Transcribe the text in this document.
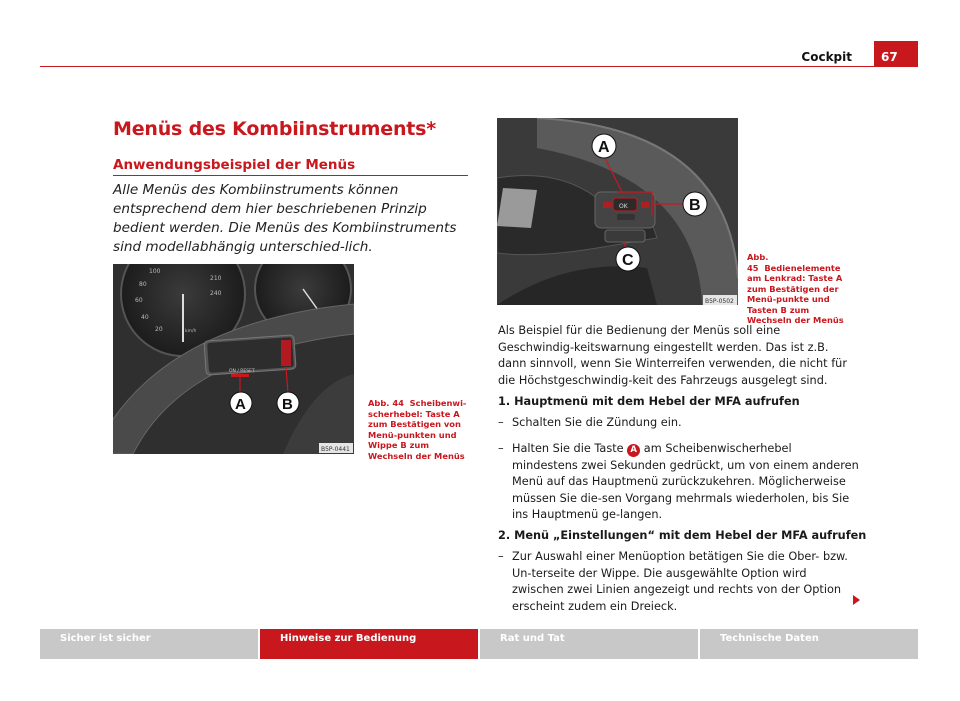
Cockpit	67
Menüs des Kombiinstruments*
Anwendungsbeispiel der Menüs
Alle Menüs des Kombiinstruments können entsprechend dem hier beschriebenen Prinzip bedient werden. Die Menüs des Kombiinstruments sind modellabhängig unterschied-lich.
100
80
60
40
20
210
240
km/h
ON / RESET
A B
B5P-0441
Abb. 44 Scheibenwi-scherhebel: Taste A zum Bestätigen von Menü-punkten und Wippe B zum Wechseln der Menüs
OK
A
B
C
B5P-0502
Abb. 45 Bedienelemente am Lenkrad: Taste A zum Bestätigen der Menü-punkte und Tasten B zum Wechseln der Menüs
Als Beispiel für die Bedienung der Menüs soll eine Geschwindig-keitswarnung eingestellt werden. Das ist z.B. dann sinnvoll, wenn Sie Winterreifen verwenden, die nicht für die Höchstgeschwindig-keit des Fahrzeugs ausgelegt sind.
1. Hauptmenü mit dem Hebel der MFA aufrufen
– Schalten Sie die Zündung ein.
– Halten Sie die Taste A am Scheibenwischerhebel mindestens zwei Sekunden gedrückt, um von einem anderen Menü auf das Hauptmenü zurückzukehren. Möglicherweise müssen Sie die-sen Vorgang mehrmals wiederholen, bis Sie ins Hauptmenü ge-langen.
2. Menü „Einstellungen“ mit dem Hebel der MFA aufrufen
– Zur Auswahl einer Menüoption betätigen Sie die Ober- bzw. Un-terseite der Wippe. Die ausgewählte Option wird zwischen zwei Linien angezeigt und rechts von der Option erscheint zudem ein Dreieck.
Sicher ist sicher	Hinweise zur Bedienung	Rat und Tat	Technische Daten
